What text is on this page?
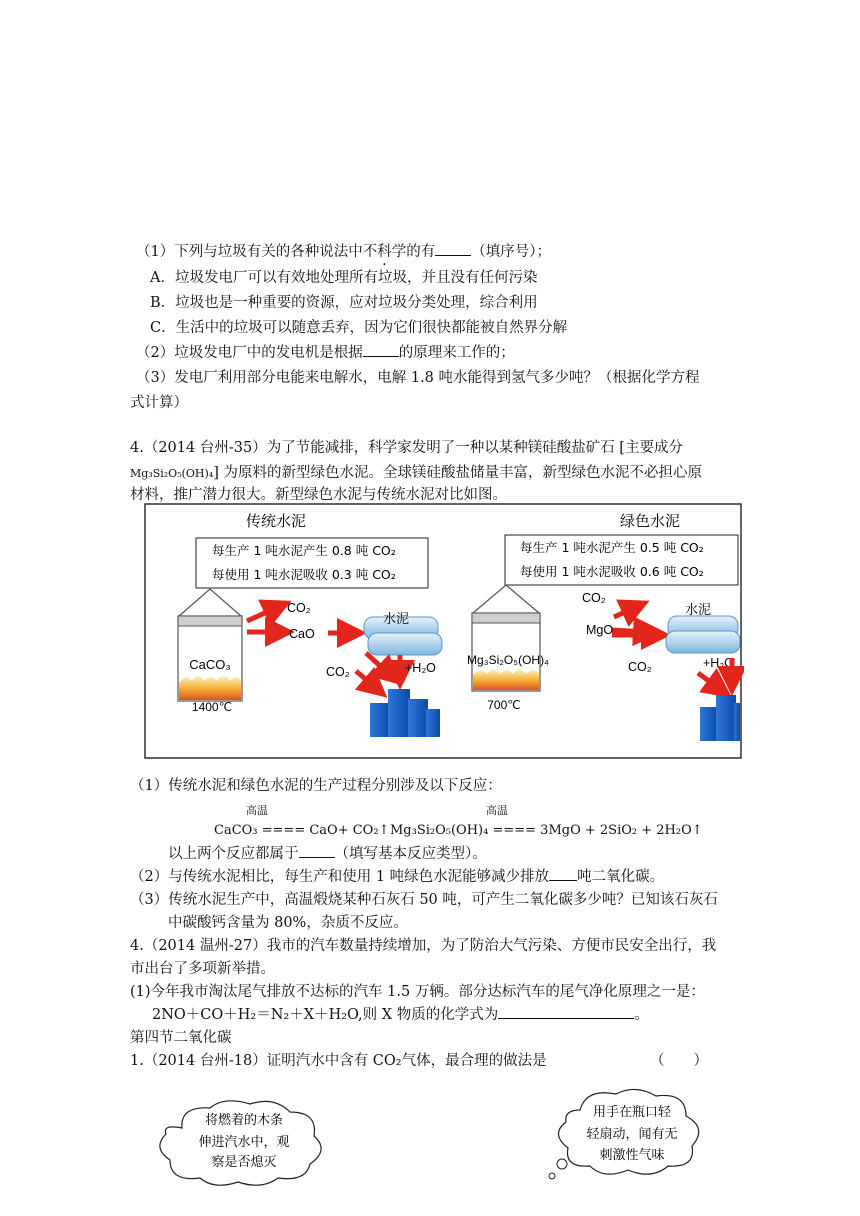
（1）下列与垃圾有关的各种说法中不科学的有 （填序号）；
A．垃圾发电厂可以有效地处理所有垃圾，并且没有任何污染
B．垃圾也是一种重要的资源，应对垃圾分类处理，综合利用
C．生活中的垃圾可以随意丢弃，因为它们很快都能被自然界分解
（2）垃圾发电厂中的发电机是根据 的原理来工作的；
（3）发电厂利用部分电能来电解水，电解 1.8 吨水能得到氢气多少吨？（根据化学方程
式计算）
4.（2014 台州-35）为了节能减排，科学家发明了一种以某种镁硅酸盐矿石 [主要成分
Mg₃Si₂O₅(OH)₄] 为原料的新型绿色水泥。全球镁硅酸盐储量丰富，新型绿色水泥不必担心原
材料，推广潜力很大。新型绿色水泥与传统水泥对比如图。
传统水泥	绿色水泥
每生产 1 吨水泥产生 0.8 吨 CO₂
每使用 1 吨水泥吸收 0.3 吨 CO₂
每生产 1 吨水泥产生 0.5 吨 CO₂
每使用 1 吨水泥吸收 0.6 吨 CO₂
CaCO₃
1400℃
CO₂
CaO
水泥
CO₂	+H₂O
Mg₃Si₂O₅(OH)₄
700℃
CO₂
MgO
水泥
CO₂	+H₂O
（1）传统水泥和绿色水泥的生产过程分别涉及以下反应：
高温	高温
CaCO₃ ==== CaO+ CO₂↑ Mg₃Si₂O₅(OH)₄ ==== 3MgO + 2SiO₂ + 2H₂O↑
以上两个反应都属于 （填写基本反应类型）。
（2）与传统水泥相比，每生产和使用 1 吨绿色水泥能够减少排放 吨二氧化碳。
（3）传统水泥生产中，高温煅烧某种石灰石 50 吨，可产生二氧化碳多少吨？已知该石灰石
中碳酸钙含量为 80%，杂质不反应。
4.（2014 温州-27）我市的汽车数量持续增加，为了防治大气污染、方便市民安全出行，我
市出台了多项新举措。
(1)今年我市淘汰尾气排放不达标的汽车 1.5 万辆。部分达标汽车的尾气净化原理之一是：
2NO＋CO＋H₂＝N₂＋X＋H₂O,则 X 物质的化学式为	。
第四节二氧化碳
1.（2014 台州-18）证明汽水中含有 CO₂气体，最合理的做法是	（　　）
将燃着的木条
伸进汽水中，观
察是否熄灭
用手在瓶口轻
轻扇动，闻有无
刺激性气味
